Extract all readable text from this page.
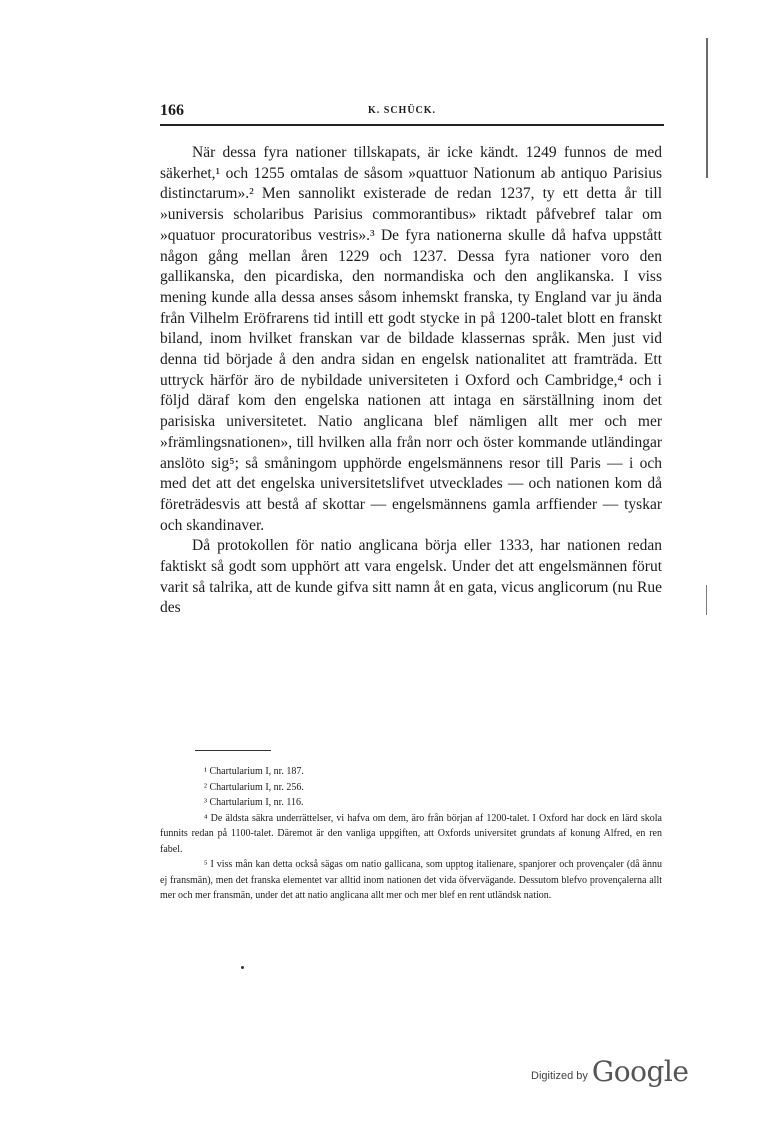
166	K. SCHÜCK.

När dessa fyra nationer tillskapats, är icke kändt. 1249 funnos de med säkerhet,¹ och 1255 omtalas de såsom »quattuor Nationum ab antiquo Parisius distinctarum».² Men sannolikt existerade de redan 1237, ty ett detta år till »universis scholaribus Parisius commorantibus» riktadt påfvebref talar om »quatuor procuratoribus vestris».³ De fyra nationerna skulle då hafva uppstått någon gång mellan åren 1229 och 1237. Dessa fyra nationer voro den gallikanska, den picardiska, den normandiska och den anglikanska. I viss mening kunde alla dessa anses såsom inhemskt franska, ty England var ju ända från Vilhelm Eröfrarens tid intill ett godt stycke in på 1200-talet blott en franskt biland, inom hvilket franskan var de bildade klassernas språk. Men just vid denna tid började å den andra sidan en engelsk nationalitet att framträda. Ett uttryck härför äro de nybildade universiteten i Oxford och Cambridge,⁴ och i följd däraf kom den engelska nationen att intaga en särställning inom det parisiska universitetet. Natio anglicana blef nämligen allt mer och mer »främlingsnationen», till hvilken alla från norr och öster kommande utländingar anslöto sig⁵; så småningom upphörde engelsmännens resor till Paris — i och med det att det engelska universitetslifvet utvecklades — och nationen kom då företrädesvis att bestå af skottar — engelsmännens gamla arffiender — tyskar och skandinaver.

Då protokollen för natio anglicana börja eller 1333, har nationen redan faktiskt så godt som upphört att vara engelsk. Under det att engelsmännen förut varit så talrika, att de kunde gifva sitt namn åt en gata, vicus anglicorum (nu Rue des

¹ Chartularium I, nr. 187.

² Chartularium I, nr. 256.

³ Chartularium I, nr. 116.

⁴ De äldsta säkra underrättelser, vi hafva om dem, äro från början af 1200-talet. I Oxford har dock en lärd skola funnits redan på 1100-talet. Däremot är den vanliga uppgiften, att Oxfords universitet grundats af konung Alfred, en ren fabel.

⁵ I viss mån kan detta också sägas om natio gallicana, som upptog italienare, spanjorer och provençaler (då ännu ej fransmän), men det franska elementet var alltid inom nationen det vida öfvervägande. Dessutom blefvo provençalerna allt mer och mer fransmän, under det att natio anglicana allt mer och mer blef en rent utländsk nation.

Digitized by Google
